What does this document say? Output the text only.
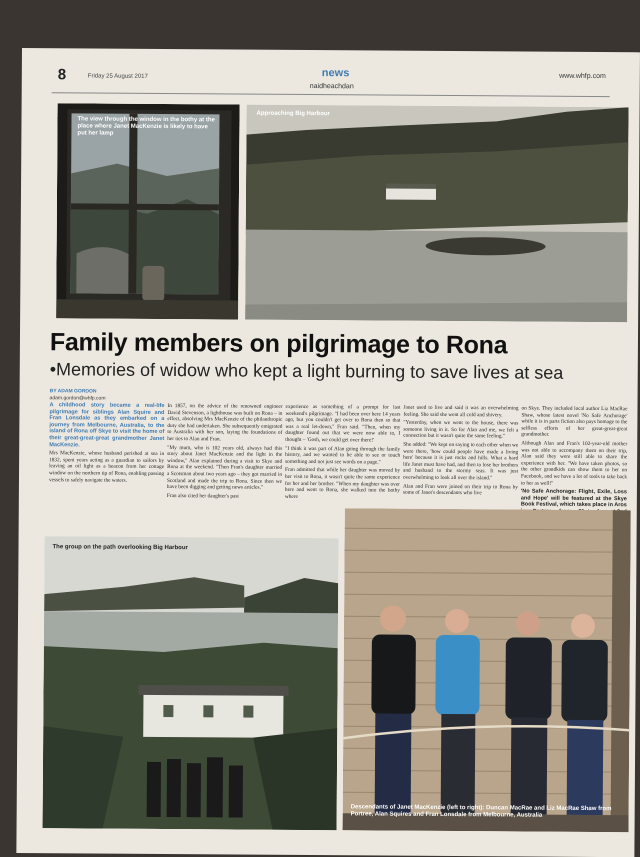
8	Friday 25 August 2017	news
naidheachdan
www.whfp.com
The view through the window in the bothy at the place where Janet MacKenzie is likely to have put her lamp
Approaching Big Harbour
Family members on pilgrimage to Rona
•Memories of widow who kept a light burning to save lives at sea
BY ADAM GORDON
adam.gordon@whfp.com

A childhood story became a real-life pilgrimage for siblings Alan Squire and Fran Lonsdale as they embarked on a journey from Melbourne, Australia, to the island of Rona off Skye to visit the home of their great-great-great grandmother Janet MacKenzie.

Mrs MacKenzie, whose husband perished at sea in 1832, spent years acting as a guardian to sailors by leaving an oil light as a beacon from her cottage window on the northern tip of Rona, enabling passing vessels to safely navigate the waters.

In 1857, on the advice of the renowned engineer David Stevenson, a lighthouse was built on Rona – in effect, absolving Mrs MacKenzie of the philanthropic duty she had undertaken. She subsequently emigrated to Australia with her son, laying the foundations of her ties to Alan and Fran.

"My mum, who is 102 years old, always had this story about Janet MacKenzie and the light in the window," Alan explained during a visit to Skye and Rona at the weekend. "Then Fran's daughter married a Scotsman about two years ago – they got married in Scotland and made the trip to Rona. Since then we have been digging and getting news articles."

Fran also cited her daughter's past

experience as something of a prompt for last weekend's pilgrimage. "I had been over here 14 years ago, but you couldn't get over to Rona then so that was a real let-down," Fran said. "Then, when my daughter found out that we were now able to, I thought – 'Gosh, we could get over there!'

"I think it was part of Alan going through the family history, and we wanted to be able to see or touch something and not just see words on a page."

Fran admitted that while her daughter was moved by her visit to Rona, it wasn't quite the same experience for her and her brother. "When my daughter was over here and went to Rona, she walked into the bothy where

Janet used to live and said it was an overwhelming feeling. She said she went all cold and shivery.

"Yesterday, when we went to the house, there was someone living in it. So for Alan and me, we felt a connection but it wasn't quite the same feeling."

She added: "We kept on saying to each other when we were there, 'how could people have made a living here' because it is just rocks and hills. What a hard life Janet must have had, and then to lose her brothers and husband to the stormy seas. It was just overwhelming to look all over the island."

Alan and Fran were joined on their trip to Rona by some of Janet's descendants who live

on Skye. They included local author Liz MacRae Shaw, whose latest novel 'No Safe Anchorage' while it is in parts fiction also pays homage to the selfless efforts of her great-great-great grandmother.

Although Alan and Fran's 102-year-old mother was not able to accompany them on their trip, Alan said they were still able to share the experience with her. "We have taken photos, so the other grandkids can show them to her on Facebook, and we have a lot of tools to take back to her as well!"

'No Safe Anchorage: Flight, Exile, Loss and Hope' will be featured at the Skye Book Festival, which takes place in Aros

The group on the path overlooking Big Harbour
Descendants of Janet MacKenzie (left to right): Duncan MacRae and Liz MacRae Shaw from Portree, Alan Squires and Fran Lonsdale from Melbourne, Australia
